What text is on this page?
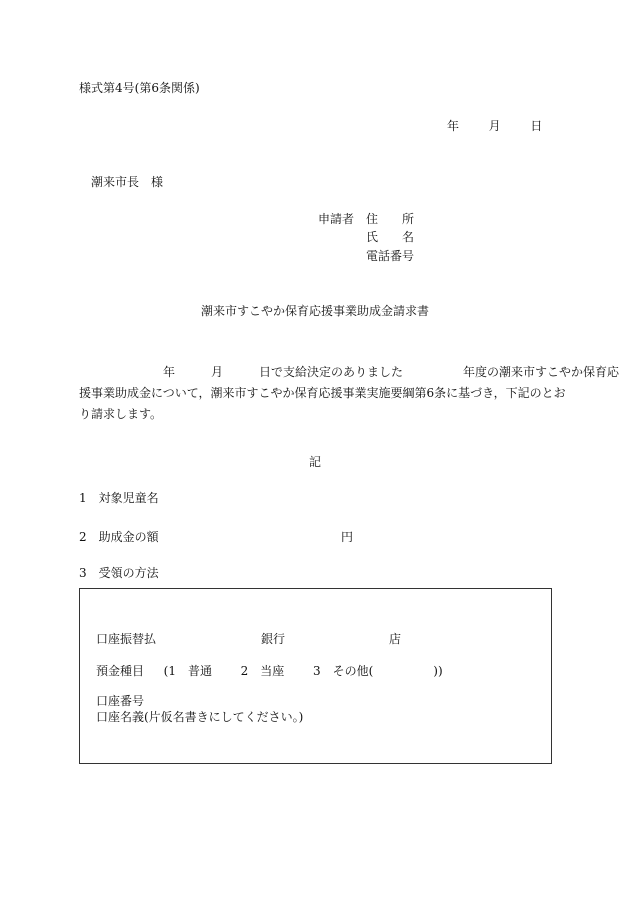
様式第4号(第6条関係)
年 月 日
潮来市長　様
申請者 住　　所
氏　　名
電話番号
潮来市すこやか保育応援事業助成金請求書
　　　　　　　年　　　月　　　日で支給決定のありました　　　　　年度の潮来市すこやか保育応
援事業助成金について，潮来市すこやか保育応援事業実施要綱第6条に基づき，下記のとお
り請求します。
記
1　対象児童名
2　助成金の額	円
3　受領の方法
口座振替払	銀行	店
預金種目 (1　普通 2　当座 3　その他(　　　　　))
口座番号
口座名義(片仮名書きにしてください。)
